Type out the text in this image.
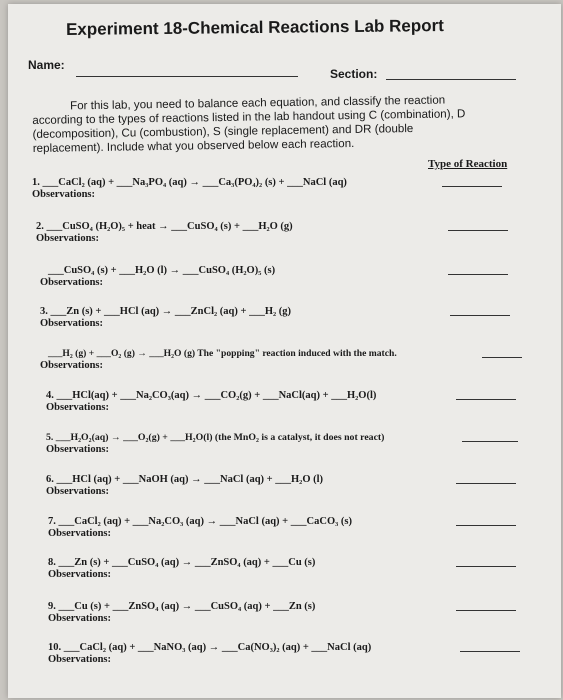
Experiment 18-Chemical Reactions Lab Report
Name:
Section:
For this lab, you need to balance each equation, and classify the reaction
according to the types of reactions listed in the lab handout using C (combination), D
(decomposition), Cu (combustion), S (single replacement) and DR (double
replacement). Include what you observed below each reaction.
Type of Reaction
1. ___CaCl₂ (aq) + ___Na₃PO₄ (aq) → ___Ca₃(PO₄)₂ (s) + ___NaCl (aq)
Observations:
2. ___CuSO₄ (H₂O)₅ + heat → ___CuSO₄ (s) + ___H₂O (g)
Observations:
___CuSO₄ (s) + ___H₂O (l) → ___CuSO₄ (H₂O)₅ (s)
Observations:
3. ___Zn (s) + ___HCl (aq) → ___ZnCl₂ (aq) + ___H₂ (g)
Observations:
___H₂ (g) + ___O₂ (g) → ___H₂O (g) The "popping" reaction induced with the match.
Observations:
4. ___HCl(aq) + ___Na₂CO₃(aq) → ___CO₂(g) + ___NaCl(aq) + ___H₂O(l)
Observations:
5. ___H₂O₂(aq) → ___O₂(g) + ___H₂O(l) (the MnO₂ is a catalyst, it does not react)
Observations:
6. ___HCl (aq) + ___NaOH (aq) → ___NaCl (aq) + ___H₂O (l)
Observations:
7. ___CaCl₂ (aq) + ___Na₂CO₃ (aq) → ___NaCl (aq) + ___CaCO₃ (s)
Observations:
8. ___Zn (s) + ___CuSO₄ (aq) → ___ZnSO₄ (aq) + ___Cu (s)
Observations:
9. ___Cu (s) + ___ZnSO₄ (aq) → ___CuSO₄ (aq) + ___Zn (s)
Observations:
10. ___CaCl₂ (aq) + ___NaNO₃ (aq) → ___Ca(NO₃)₂ (aq) + ___NaCl (aq)
Observations:
